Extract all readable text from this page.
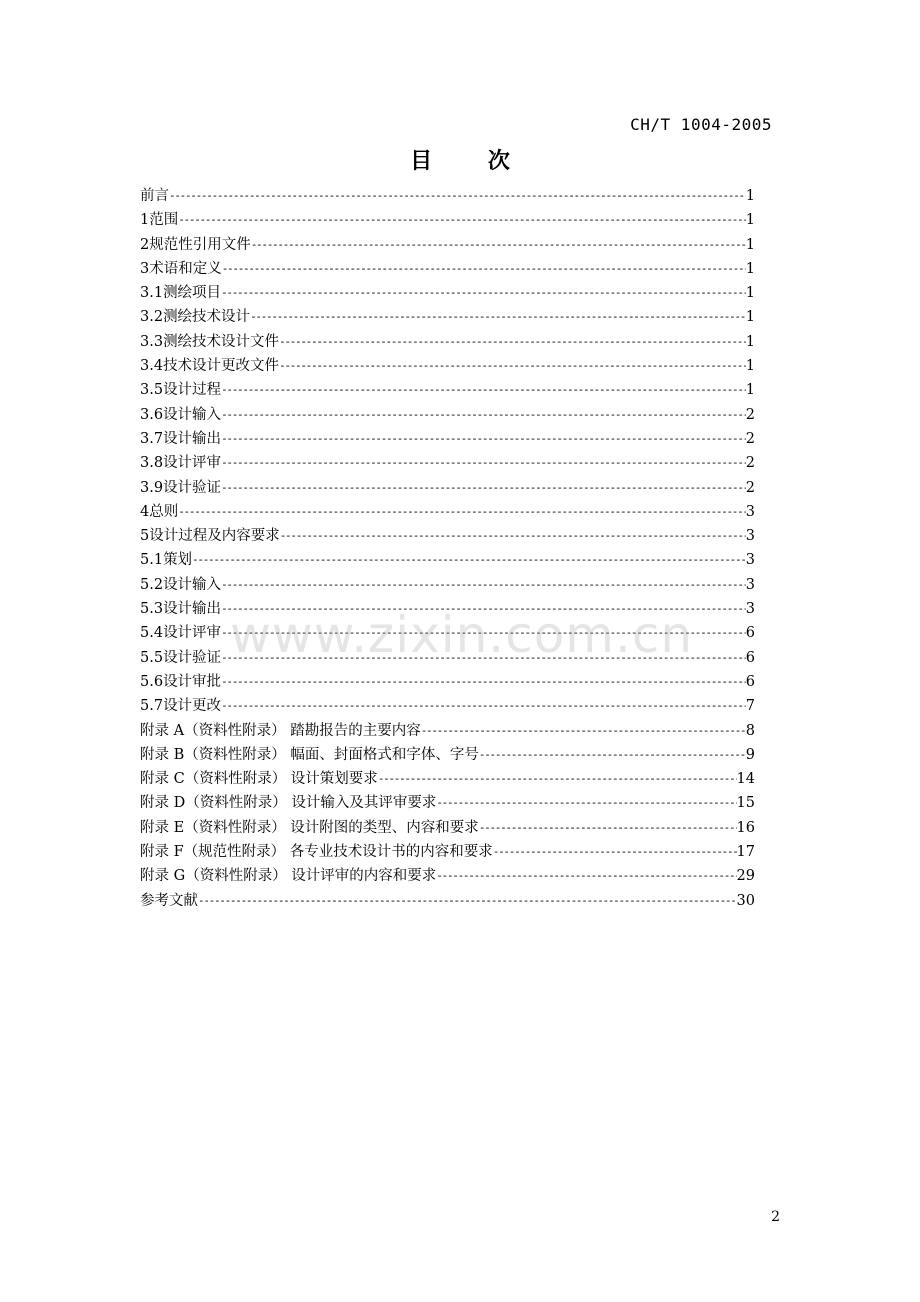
CH/T 1004-2005
目 次
前言 -----	1
1 范围 -----	1
2 规范性引用文件 -----	1
3 术语和定义 -----	1
3.1 测绘项目 -----	1
3.2 测绘技术设计 -----	1
3.3 测绘技术设计文件 -----	1
3.4 技术设计更改文件 -----	1
3.5 设计过程 -----	1
3.6 设计输入 -----	2
3.7 设计输出 -----	2
3.8 设计评审 -----	2
3.9 设计验证 -----	2
4 总则 -----	3
5 设计过程及内容要求 -----	3
5.1 策划 -----	3
5.2 设计输入 -----	3
5.3 设计输出 -----	3
5.4 设计评审 -----	6
5.5 设计验证 -----	6
5.6 设计审批 -----	6
5.7 设计更改 -----	7
附录 A（资料性附录） 踏勘报告的主要内容 -----	8
附录 B（资料性附录） 幅面、封面格式和字体、字号 -----	9
附录 C（资料性附录） 设计策划要求 -----	14
附录 D（资料性附录） 设计输入及其评审要求 -----	15
附录 E（资料性附录） 设计附图的类型、内容和要求 -----	16
附录 F（规范性附录） 各专业技术设计书的内容和要求 -----	17
附录 G（资料性附录） 设计评审的内容和要求 -----	29
参考文献 -----	30
www.zixin.com.cn
2
